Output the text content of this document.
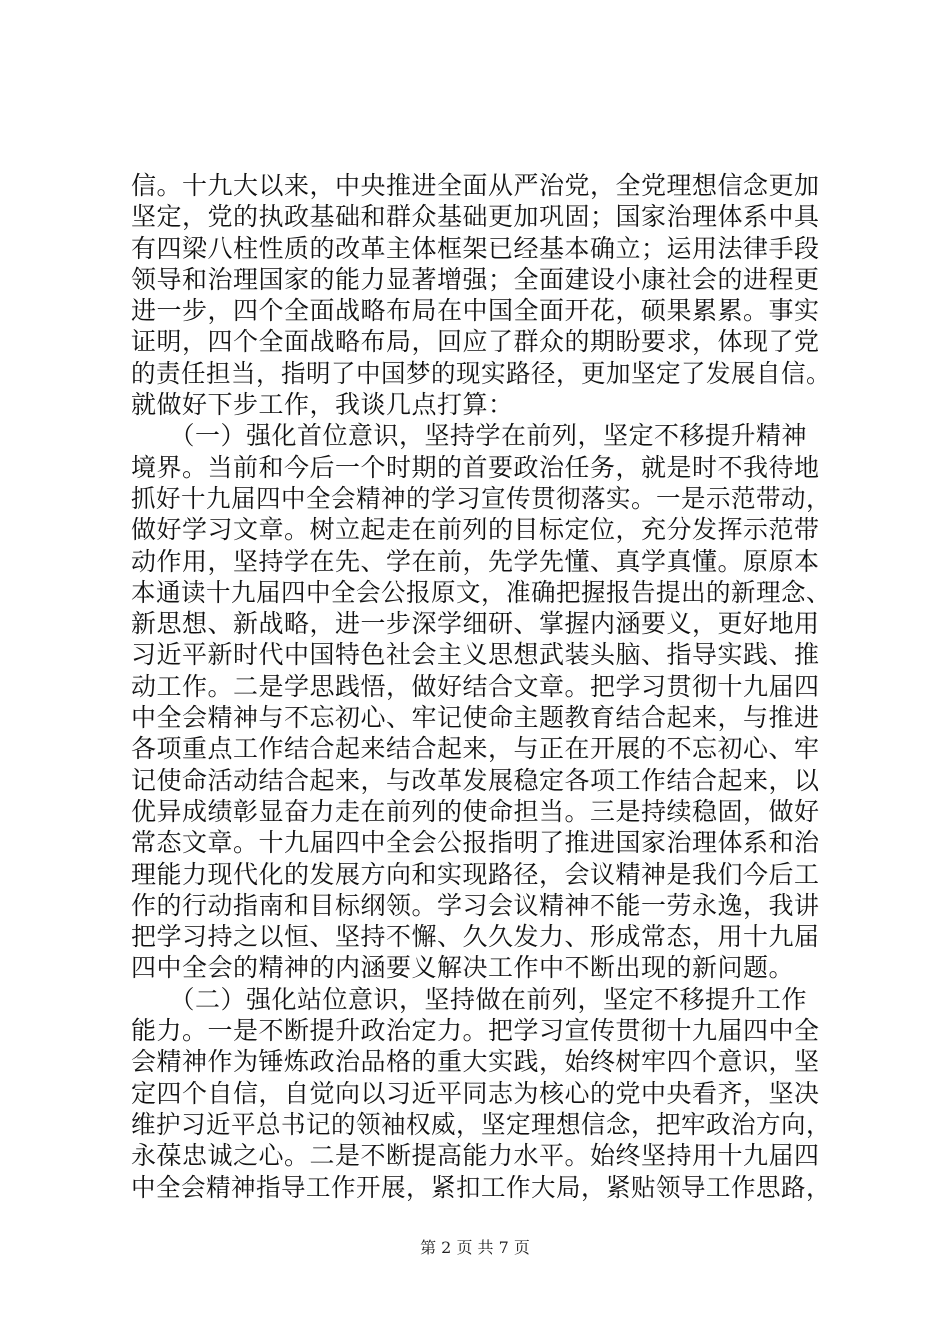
信。十九大以来，中央推进全面从严治党，全党理想信念更加
坚定，党的执政基础和群众基础更加巩固；国家治理体系中具
有四梁八柱性质的改革主体框架已经基本确立；运用法律手段
领导和治理国家的能力显著增强；全面建设小康社会的进程更
进一步，四个全面战略布局在中国全面开花，硕果累累。事实
证明，四个全面战略布局，回应了群众的期盼要求，体现了党
的责任担当，指明了中国梦的现实路径，更加坚定了发展自信。
就做好下步工作，我谈几点打算：
　　（一）强化首位意识，坚持学在前列，坚定不移提升精神
境界。当前和今后一个时期的首要政治任务，就是时不我待地
抓好十九届四中全会精神的学习宣传贯彻落实。一是示范带动，
做好学习文章。树立起走在前列的目标定位，充分发挥示范带
动作用，坚持学在先、学在前，先学先懂、真学真懂。原原本
本通读十九届四中全会公报原文，准确把握报告提出的新理念、
新思想、新战略，进一步深学细研、掌握内涵要义，更好地用
习近平新时代中国特色社会主义思想武装头脑、指导实践、推
动工作。二是学思践悟，做好结合文章。把学习贯彻十九届四
中全会精神与不忘初心、牢记使命主题教育结合起来，与推进
各项重点工作结合起来结合起来，与正在开展的不忘初心、牢
记使命活动结合起来，与改革发展稳定各项工作结合起来，以
优异成绩彰显奋力走在前列的使命担当。三是持续稳固，做好
常态文章。十九届四中全会公报指明了推进国家治理体系和治
理能力现代化的发展方向和实现路径，会议精神是我们今后工
作的行动指南和目标纲领。学习会议精神不能一劳永逸，我讲
把学习持之以恒、坚持不懈、久久发力、形成常态，用十九届
四中全会的精神的内涵要义解决工作中不断出现的新问题。
　　（二）强化站位意识，坚持做在前列，坚定不移提升工作
能力。一是不断提升政治定力。把学习宣传贯彻十九届四中全
会精神作为锤炼政治品格的重大实践，始终树牢四个意识，坚
定四个自信，自觉向以习近平同志为核心的党中央看齐，坚决
维护习近平总书记的领袖权威，坚定理想信念，把牢政治方向，
永葆忠诚之心。二是不断提高能力水平。始终坚持用十九届四
中全会精神指导工作开展，紧扣工作大局，紧贴领导工作思路，
第 2 页 共 7 页
